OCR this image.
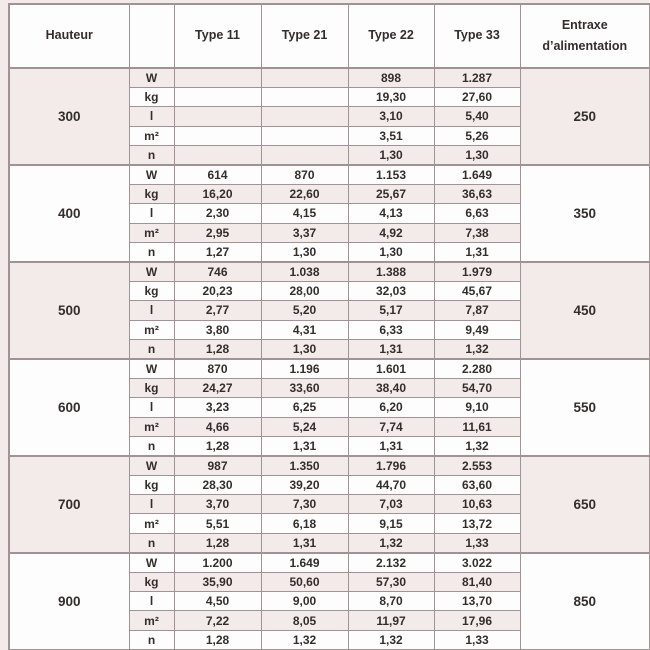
Hauteur		Type 11	Type 21	Type 22	Type 33	Entraxe
d’alimentation

300	W			898	1.287	250
	kg			19,30	27,60	
	l			3,10	5,40	
	m²			3,51	5,26	
	n			1,30	1,30	
400	W	614	870	1.153	1.649	350
	kg	16,20	22,60	25,67	36,63	
	l	2,30	4,15	4,13	6,63	
	m²	2,95	3,37	4,92	7,38	
	n	1,27	1,30	1,30	1,31	
500	W	746	1.038	1.388	1.979	450
	kg	20,23	28,00	32,03	45,67	
	l	2,77	5,20	5,17	7,87	
	m²	3,80	4,31	6,33	9,49	
	n	1,28	1,30	1,31	1,32	
600	W	870	1.196	1.601	2.280	550
	kg	24,27	33,60	38,40	54,70	
	l	3,23	6,25	6,20	9,10	
	m²	4,66	5,24	7,74	11,61	
	n	1,28	1,31	1,31	1,32	
700	W	987	1.350	1.796	2.553	650
	kg	28,30	39,20	44,70	63,60	
	l	3,70	7,30	7,03	10,63	
	m²	5,51	6,18	9,15	13,72	
	n	1,28	1,31	1,32	1,33	
900	W	1.200	1.649	2.132	3.022	850
	kg	35,90	50,60	57,30	81,40	
	l	4,50	9,00	8,70	13,70	
	m²	7,22	8,05	11,97	17,96	
	n	1,28	1,32	1,32	1,33	
